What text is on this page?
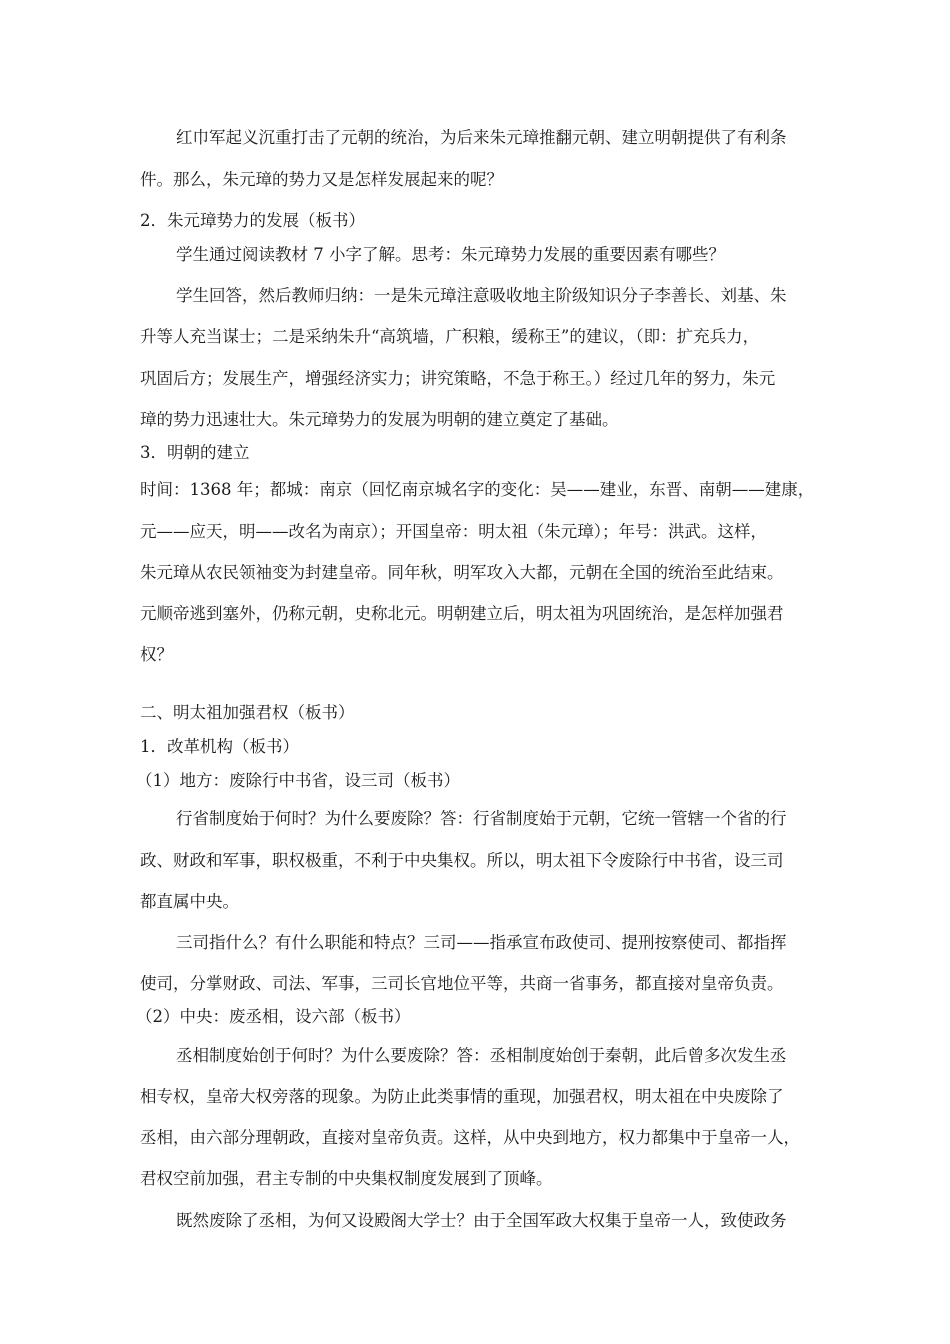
红巾军起义沉重打击了元朝的统治，为后来朱元璋推翻元朝、建立明朝提供了有利条
件。那么，朱元璋的势力又是怎样发展起来的呢？
2．朱元璋势力的发展（板书）
学生通过阅读教材 7 小字了解。思考：朱元璋势力发展的重要因素有哪些？
学生回答，然后教师归纳：一是朱元璋注意吸收地主阶级知识分子李善长、刘基、朱
升等人充当谋士；二是采纳朱升“高筑墙，广积粮，缓称王”的建议，（即：扩充兵力，
巩固后方；发展生产，增强经济实力；讲究策略，不急于称王。）经过几年的努力，朱元
璋的势力迅速壮大。朱元璋势力的发展为明朝的建立奠定了基础。
3．明朝的建立
时间：1368 年；都城：南京（回忆南京城名字的变化：吴——建业，东晋、南朝——建康，
元——应天，明——改名为南京）；开国皇帝：明太祖（朱元璋）；年号：洪武。这样，
朱元璋从农民领袖变为封建皇帝。同年秋，明军攻入大都，元朝在全国的统治至此结束。
元顺帝逃到塞外，仍称元朝，史称北元。明朝建立后，明太祖为巩固统治，是怎样加强君
权？
二、明太祖加强君权（板书）
1．改革机构（板书）
（1）地方：废除行中书省，设三司（板书）
行省制度始于何时？为什么要废除？答：行省制度始于元朝，它统一管辖一个省的行
政、财政和军事，职权极重，不利于中央集权。所以，明太祖下令废除行中书省，设三司
都直属中央。
三司指什么？有什么职能和特点？三司——指承宣布政使司、提刑按察使司、都指挥
使司，分掌财政、司法、军事，三司长官地位平等，共商一省事务，都直接对皇帝负责。
（2）中央：废丞相，设六部（板书）
丞相制度始创于何时？为什么要废除？答：丞相制度始创于秦朝，此后曾多次发生丞
相专权，皇帝大权旁落的现象。为防止此类事情的重现，加强君权，明太祖在中央废除了
丞相，由六部分理朝政，直接对皇帝负责。这样，从中央到地方，权力都集中于皇帝一人，
君权空前加强，君主专制的中央集权制度发展到了顶峰。
既然废除了丞相，为何又设殿阁大学士？由于全国军政大权集于皇帝一人，致使政务
